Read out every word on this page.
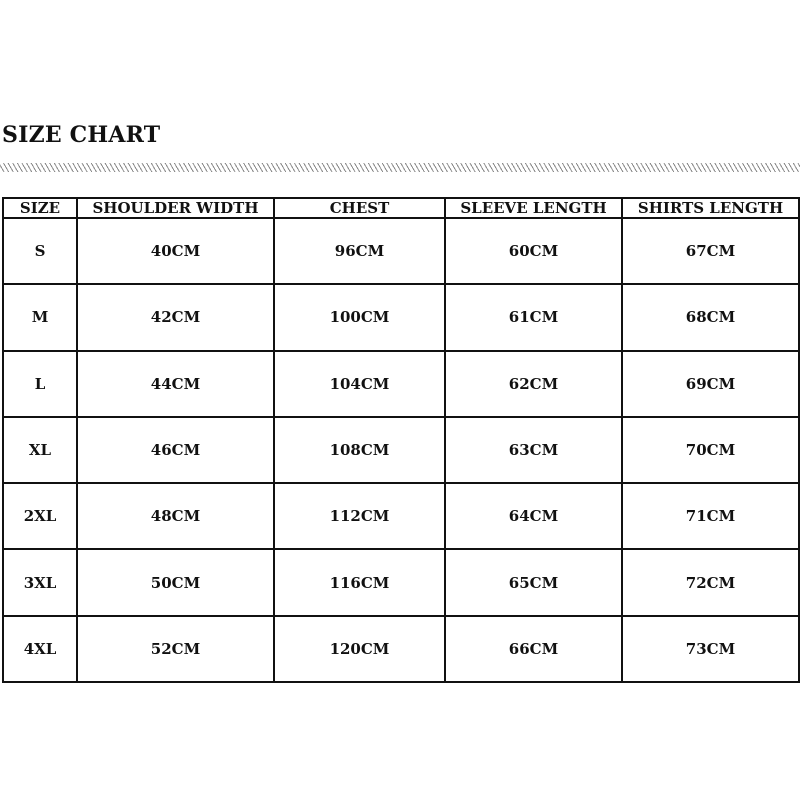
SIZE CHART
SIZE	SHOULDER WIDTH	CHEST	SLEEVE LENGTH	SHIRTS LENGTH
S	40CM	96CM	60CM	67CM
M	42CM	100CM	61CM	68CM
L	44CM	104CM	62CM	69CM
XL	46CM	108CM	63CM	70CM
2XL	48CM	112CM	64CM	71CM
3XL	50CM	116CM	65CM	72CM
4XL	52CM	120CM	66CM	73CM
